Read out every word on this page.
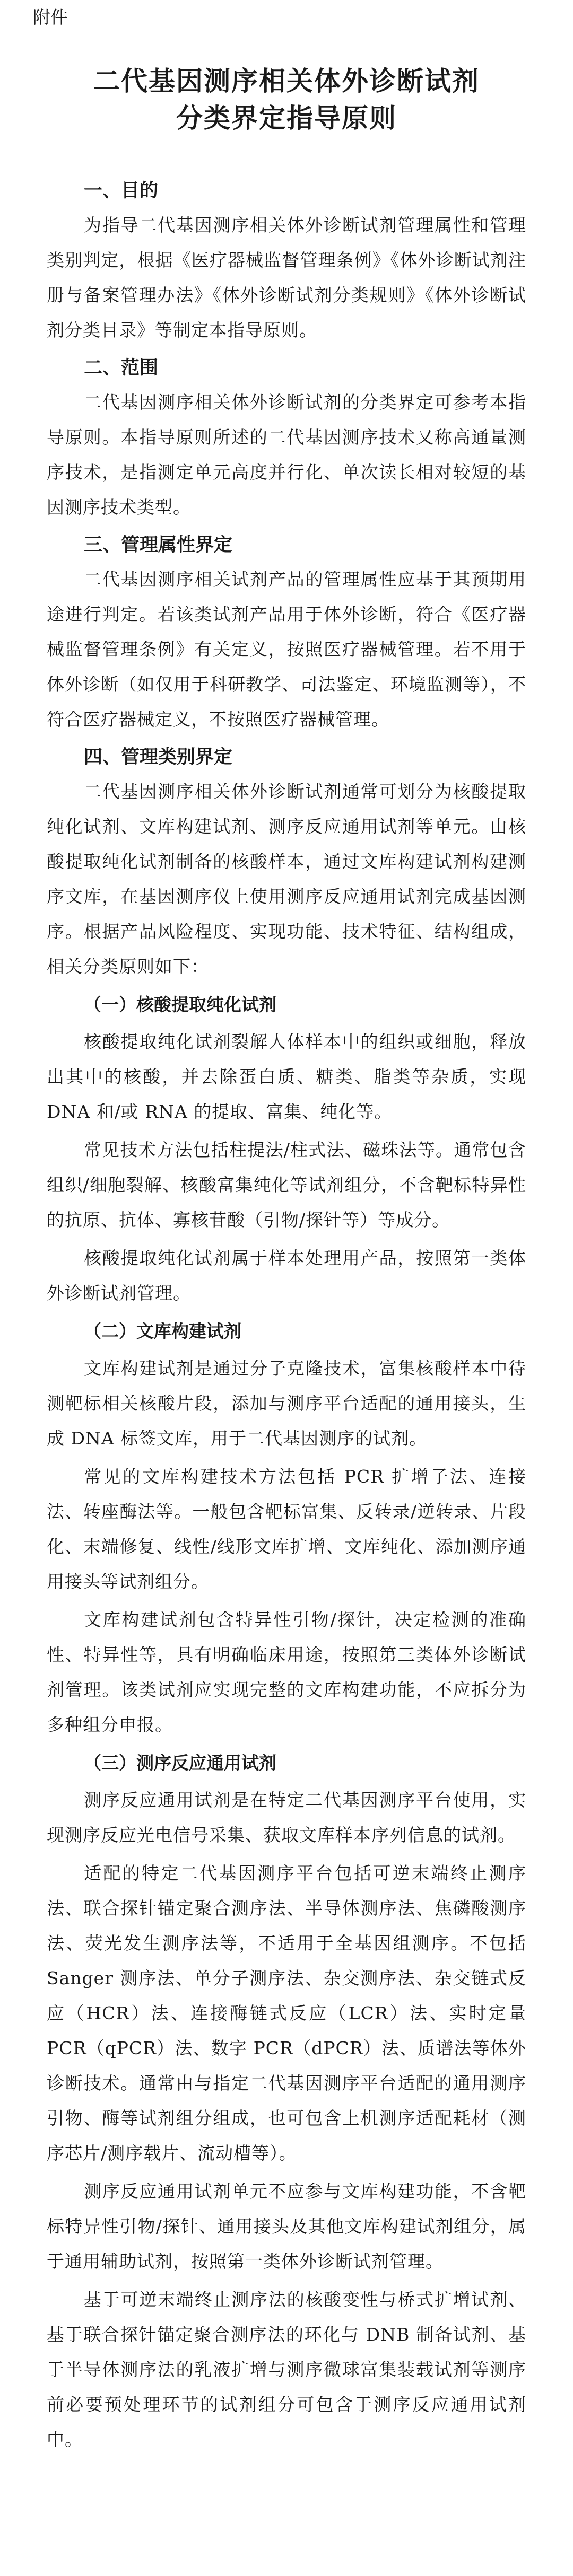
附件

二代基因测序相关体外诊断试剂
分类界定指导原则
一、目的

为指导二代基因测序相关体外诊断试剂管理属性和管理类别判定，根据《医疗器械监督管理条例》《体外诊断试剂注册与备案管理办法》《体外诊断试剂分类规则》《体外诊断试剂分类目录》等制定本指导原则。

二、范围

二代基因测序相关体外诊断试剂的分类界定可参考本指导原则。本指导原则所述的二代基因测序技术又称高通量测序技术，是指测定单元高度并行化、单次读长相对较短的基因测序技术类型。

三、管理属性界定

二代基因测序相关试剂产品的管理属性应基于其预期用途进行判定。若该类试剂产品用于体外诊断，符合《医疗器械监督管理条例》有关定义，按照医疗器械管理。若不用于体外诊断（如仅用于科研教学、司法鉴定、环境监测等），不符合医疗器械定义，不按照医疗器械管理。

四、管理类别界定

二代基因测序相关体外诊断试剂通常可划分为核酸提取纯化试剂、文库构建试剂、测序反应通用试剂等单元。由核酸提取纯化试剂制备的核酸样本，通过文库构建试剂构建测序文库，在基因测序仪上使用测序反应通用试剂完成基因测序。根据产品风险程度、实现功能、技术特征、结构组成，相关分类原则如下：

（一）核酸提取纯化试剂

核酸提取纯化试剂裂解人体样本中的组织或细胞，释放出其中的核酸，并去除蛋白质、糖类、脂类等杂质，实现DNA 和/或 RNA 的提取、富集、纯化等。

常见技术方法包括柱提法/柱式法、磁珠法等。通常包含组织/细胞裂解、核酸富集纯化等试剂组分，不含靶标特异性的抗原、抗体、寡核苷酸（引物/探针等）等成分。

核酸提取纯化试剂属于样本处理用产品，按照第一类体外诊断试剂管理。

（二）文库构建试剂

文库构建试剂是通过分子克隆技术，富集核酸样本中待测靶标相关核酸片段，添加与测序平台适配的通用接头，生成 DNA 标签文库，用于二代基因测序的试剂。

常见的文库构建技术方法包括 PCR 扩增子法、连接法、转座酶法等。一般包含靶标富集、反转录/逆转录、片段化、末端修复、线性/线形文库扩增、文库纯化、添加测序通用接头等试剂组分。

文库构建试剂包含特异性引物/探针，决定检测的准确性、特异性等，具有明确临床用途，按照第三类体外诊断试剂管理。该类试剂应实现完整的文库构建功能，不应拆分为多种组分申报。

（三）测序反应通用试剂

测序反应通用试剂是在特定二代基因测序平台使用，实现测序反应光电信号采集、获取文库样本序列信息的试剂。

适配的特定二代基因测序平台包括可逆末端终止测序法、联合探针锚定聚合测序法、半导体测序法、焦磷酸测序法、荧光发生测序法等，不适用于全基因组测序。不包括Sanger 测序法、单分子测序法、杂交测序法、杂交链式反应（HCR）法、连接酶链式反应（LCR）法、实时定量 PCR（qPCR）法、数字 PCR（dPCR）法、质谱法等体外诊断技术。通常由与指定二代基因测序平台适配的通用测序引物、酶等试剂组分组成，也可包含上机测序适配耗材（测序芯片/测序载片、流动槽等）。

测序反应通用试剂单元不应参与文库构建功能，不含靶标特异性引物/探针、通用接头及其他文库构建试剂组分，属于通用辅助试剂，按照第一类体外诊断试剂管理。

基于可逆末端终止测序法的核酸变性与桥式扩增试剂、基于联合探针锚定聚合测序法的环化与 DNB 制备试剂、基于半导体测序法的乳液扩增与测序微球富集装载试剂等测序前必要预处理环节的试剂组分可包含于测序反应通用试剂中。
